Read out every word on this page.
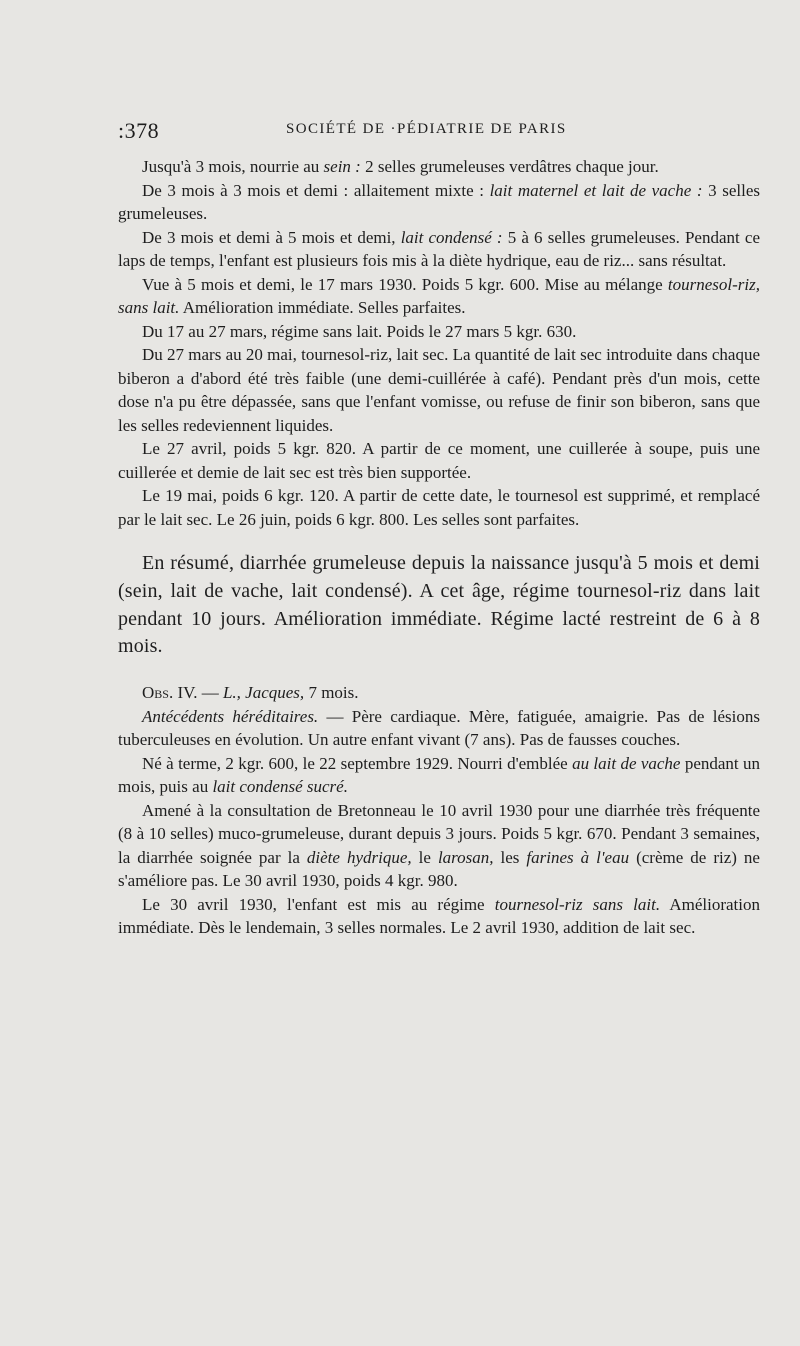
:378	SOCIÉTÉ DE ·PÉDIATRIE DE PARIS

Jusqu'à 3 mois, nourrie au sein : 2 selles grumeleuses verdâtres chaque jour.

De 3 mois à 3 mois et demi : allaitement mixte : lait maternel et lait de vache : 3 selles grumeleuses.

De 3 mois et demi à 5 mois et demi, lait condensé : 5 à 6 selles grumeleuses. Pendant ce laps de temps, l'enfant est plusieurs fois mis à la diète hydrique, eau de riz... sans résultat.

Vue à 5 mois et demi, le 17 mars 1930. Poids 5 kgr. 600. Mise au mélange tournesol-riz, sans lait. Amélioration immédiate. Selles parfaites.

Du 17 au 27 mars, régime sans lait. Poids le 27 mars 5 kgr. 630.

Du 27 mars au 20 mai, tournesol-riz, lait sec. La quantité de lait sec introduite dans chaque biberon a d'abord été très faible (une demi-cuillérée à café). Pendant près d'un mois, cette dose n'a pu être dépassée, sans que l'enfant vomisse, ou refuse de finir son biberon, sans que les selles redeviennent liquides.

Le 27 avril, poids 5 kgr. 820. A partir de ce moment, une cuillerée à soupe, puis une cuillerée et demie de lait sec est très bien supportée.

Le 19 mai, poids 6 kgr. 120. A partir de cette date, le tournesol est supprimé, et remplacé par le lait sec. Le 26 juin, poids 6 kgr. 800. Les selles sont parfaites.

En résumé, diarrhée grumeleuse depuis la naissance jusqu'à 5 mois et demi (sein, lait de vache, lait condensé). A cet âge, régime tournesol-riz dans lait pendant 10 jours. Amélioration immédiate. Régime lacté restreint de 6 à 8 mois.

Obs. IV. — L., Jacques, 7 mois.

Antécédents héréditaires. — Père cardiaque. Mère, fatiguée, amaigrie. Pas de lésions tuberculeuses en évolution. Un autre enfant vivant (7 ans). Pas de fausses couches.

Né à terme, 2 kgr. 600, le 22 septembre 1929. Nourri d'emblée au lait de vache pendant un mois, puis au lait condensé sucré.

Amené à la consultation de Bretonneau le 10 avril 1930 pour une diarrhée très fréquente (8 à 10 selles) muco-grumeleuse, durant depuis 3 jours. Poids 5 kgr. 670. Pendant 3 semaines, la diarrhée soignée par la diète hydrique, le larosan, les farines à l'eau (crème de riz) ne s'améliore pas. Le 30 avril 1930, poids 4 kgr. 980.

Le 30 avril 1930, l'enfant est mis au régime tournesol-riz sans lait. Amélioration immédiate. Dès le lendemain, 3 selles normales. Le 2 avril 1930, addition de lait sec.
